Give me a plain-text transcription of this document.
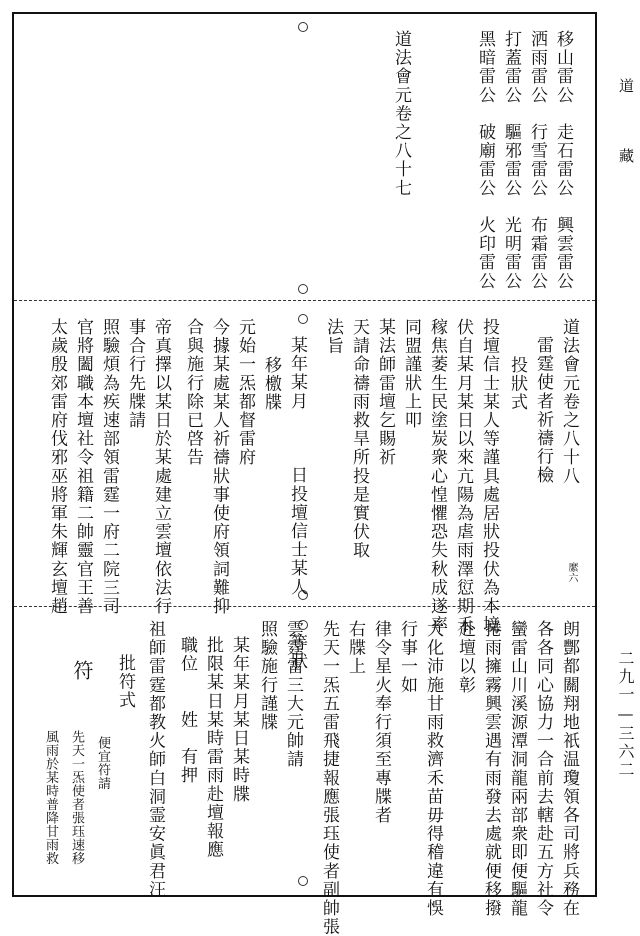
道
藏
二九一—三六二
移山雷公　走石雷公　興雲雷公
洒雨雷公　行雪雷公　布霜雷公
打蓋雷公　驅邪雷公　光明雷公
黑暗雷公　破廟雷公　火印雷公
道法會元卷之八十七
道法會元卷之八十八
縻六
雷霆使者祈禱行檢
投狀式
投壇信士某人等謹具處居狀投伏為本境
伏自某月某日以來亢陽為虐雨澤愆期禾
稼焦萎生民塗炭衆心惶懼恐失秋成遂率
同盟謹狀上叩
某法師雷壇乞賜祈
天請命禱雨救旱所投是實伏取
法旨
某年某月　　　日投壇信士某人　　等狀
移檄牒
元始一炁都督雷府
今據某處某人祈禱狀事使府領詞難抑
合與施行除已啓告
帝真擇以某日於某處建立雲壇依法行
事合行先牒請
照驗煩為疾速部領雷霆一府二院三司
官將闔職本壇社令祖籍二帥靈官王善
太歲殷郊雷府伐邪巫將軍朱輝玄壇趙
朗酆都關翔地祇温瓊領各司將兵務在
各各同心協力一合前去轄赴五方社令
蠻雷山川溪源潭洞龍兩部衆即便驅龍
捲雨擁霧興雲遇有雨發去處就便移撥
赴壇以彰
大化沛施甘雨救濟禾苗毋得稽違有悞
行事一如
律令星火奉行須至專牒者
右牒上
先天一炁五雷飛捷報應張珏使者副帥張
雲霆雷三大元帥請
照驗施行謹牒
某年某月某日某時牒
批限某日某時雷雨赴壇報應
職位　　姓　有押
祖師雷霆都教火師白洞霊安眞君汪
批符式
符
便宜符請
先天一炁使者張珏速移
風雨於某時普降甘雨救
